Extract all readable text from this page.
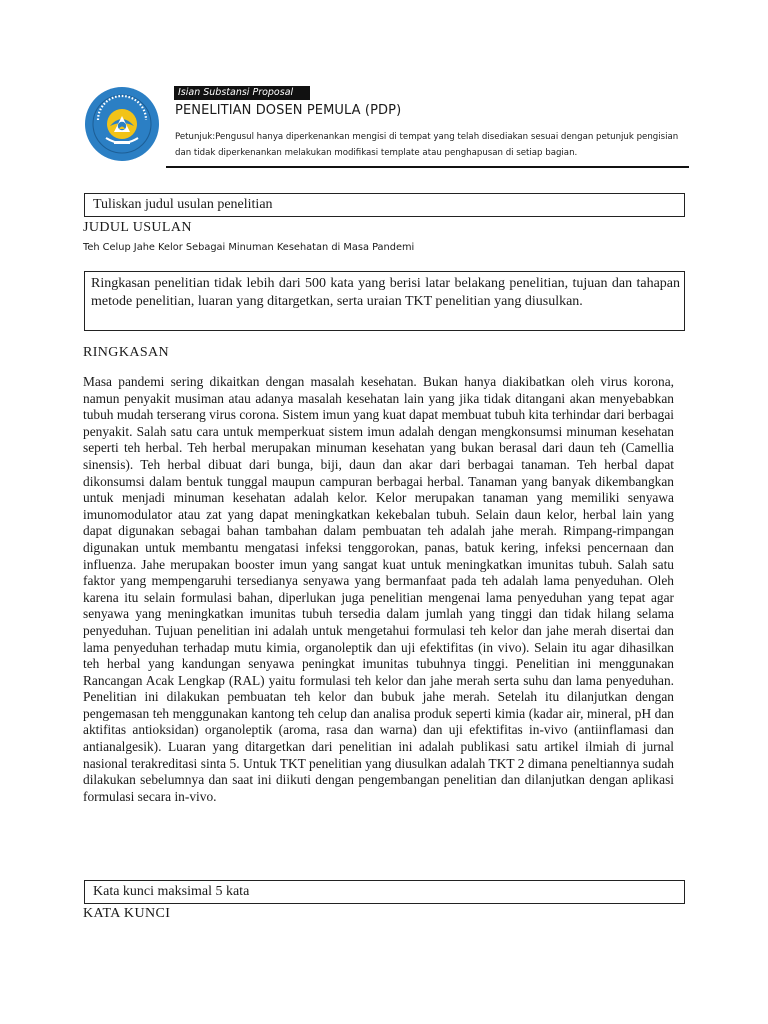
Isian Substansi Proposal
PENELITIAN DOSEN PEMULA (PDP)
Petunjuk:Pengusul hanya diperkenankan mengisi di tempat yang telah disediakan sesuai dengan petunjuk pengisian dan tidak diperkenankan melakukan modifikasi template atau penghapusan di setiap bagian.
Tuliskan judul usulan penelitian
JUDUL USULAN
Teh Celup Jahe Kelor Sebagai Minuman Kesehatan di Masa Pandemi
Ringkasan penelitian tidak lebih dari 500 kata yang berisi latar belakang penelitian, tujuan dan tahapan metode penelitian, luaran yang ditargetkan, serta uraian TKT penelitian yang diusulkan.
RINGKASAN
Masa pandemi sering dikaitkan dengan masalah kesehatan. Bukan hanya diakibatkan oleh virus korona, namun penyakit musiman atau adanya masalah kesehatan lain yang jika tidak ditangani akan menyebabkan tubuh mudah terserang virus corona. Sistem imun yang kuat dapat membuat tubuh kita terhindar dari berbagai penyakit. Salah satu cara untuk memperkuat sistem imun adalah dengan mengkonsumsi minuman kesehatan seperti teh herbal. Teh herbal merupakan minuman kesehatan yang bukan berasal dari daun teh (Camellia sinensis). Teh herbal dibuat dari bunga, biji, daun dan akar dari berbagai tanaman. Teh herbal dapat dikonsumsi dalam bentuk tunggal maupun campuran berbagai herbal. Tanaman yang banyak dikembangkan untuk menjadi minuman kesehatan adalah kelor. Kelor merupakan tanaman yang memiliki senyawa imunomodulator atau zat yang dapat meningkatkan kekebalan tubuh. Selain daun kelor, herbal lain yang dapat digunakan sebagai bahan tambahan dalam pembuatan teh adalah jahe merah. Rimpang-rimpangan digunakan untuk membantu mengatasi infeksi tenggorokan, panas, batuk kering, infeksi pencernaan dan influenza. Jahe merupakan booster imun yang sangat kuat untuk meningkatkan imunitas tubuh. Salah satu faktor yang mempengaruhi tersedianya senyawa yang bermanfaat pada teh adalah lama penyeduhan. Oleh karena itu selain formulasi bahan, diperlukan juga penelitian mengenai lama penyeduhan yang tepat agar senyawa yang meningkatkan imunitas tubuh tersedia dalam jumlah yang tinggi dan tidak hilang selama penyeduhan. Tujuan penelitian ini adalah untuk mengetahui formulasi teh kelor dan jahe merah disertai dan lama penyeduhan terhadap mutu kimia, organoleptik dan uji efektifitas (in vivo). Selain itu agar dihasilkan teh herbal yang kandungan senyawa peningkat imunitas tubuhnya tinggi. Penelitian ini menggunakan Rancangan Acak Lengkap (RAL) yaitu formulasi teh kelor dan jahe merah serta suhu dan lama penyeduhan. Penelitian ini dilakukan pembuatan teh kelor dan bubuk jahe merah. Setelah itu dilanjutkan dengan pengemasan teh menggunakan kantong teh celup dan analisa produk seperti kimia (kadar air, mineral, pH dan aktifitas antioksidan) organoleptik (aroma, rasa dan warna) dan uji efektifitas in-vivo (antiinflamasi dan antianalgesik). Luaran yang ditargetkan dari penelitian ini adalah publikasi satu artikel ilmiah di jurnal nasional terakreditasi sinta 5. Untuk TKT penelitian yang diusulkan adalah TKT 2 dimana peneltiannya sudah dilakukan sebelumnya dan saat ini diikuti dengan pengembangan penelitian dan dilanjutkan dengan aplikasi formulasi secara in-vivo.
Kata kunci maksimal 5 kata
KATA KUNCI
